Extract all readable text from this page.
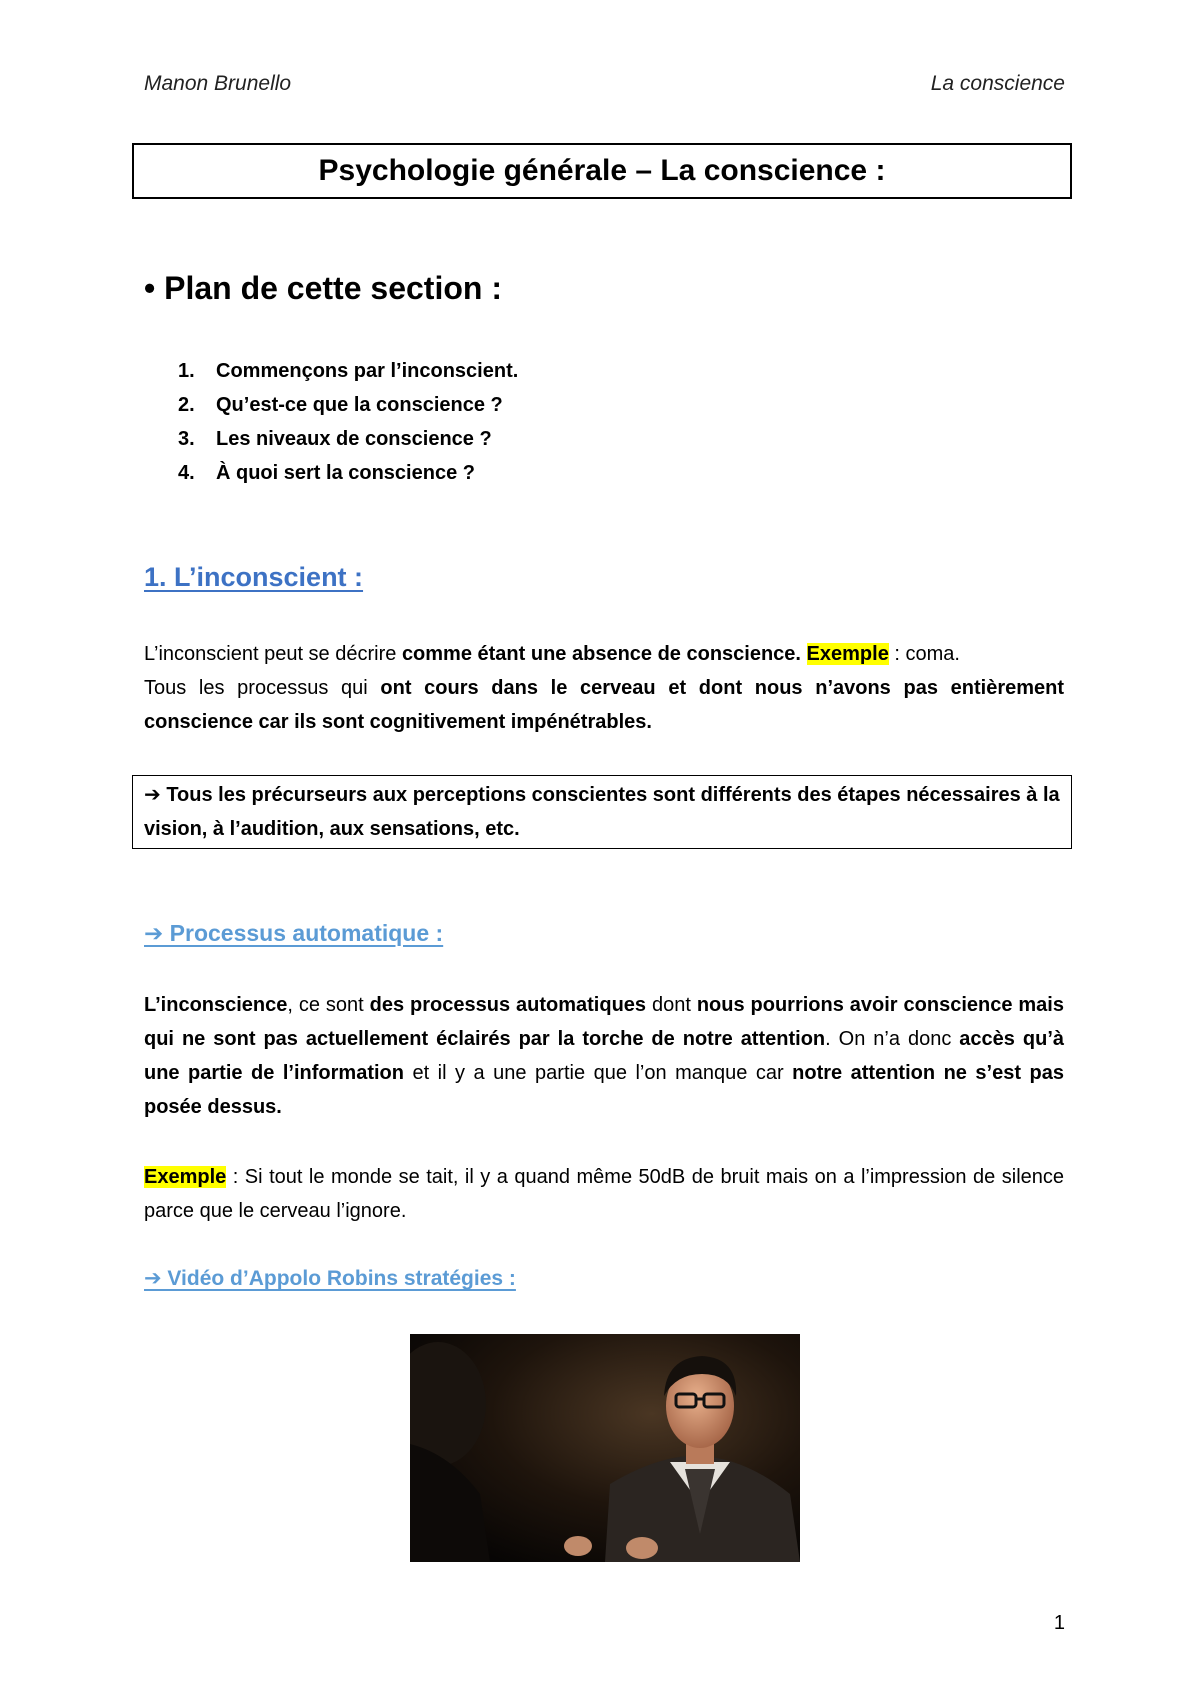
Manon Brunello	La conscience
Psychologie générale – La conscience :
• Plan de cette section :
1.	Commençons par l’inconscient.
2.	Qu’est-ce que la conscience ?
3.	Les niveaux de conscience ?
4.	À quoi sert la conscience ?
1. L’inconscient :

L’inconscient peut se décrire comme étant une absence de conscience. Exemple : coma.
Tous les processus qui ont cours dans le cerveau et dont nous n’avons pas entièrement conscience car ils sont cognitivement impénétrables.

➔ Tous les précurseurs aux perceptions conscientes sont différents des étapes nécessaires à la vision, à l’audition, aux sensations, etc.
➔ Processus automatique :

L’inconscience, ce sont des processus automatiques dont nous pourrions avoir conscience mais qui ne sont pas actuellement éclairés par la torche de notre attention. On n’a donc accès qu’à une partie de l’information et il y a une partie que l’on manque car notre attention ne s’est pas posée dessus.

Exemple : Si tout le monde se tait, il y a quand même 50dB de bruit mais on a l’impression de silence parce que le cerveau l’ignore.

➔ Vidéo d’Appolo Robins stratégies :
1
